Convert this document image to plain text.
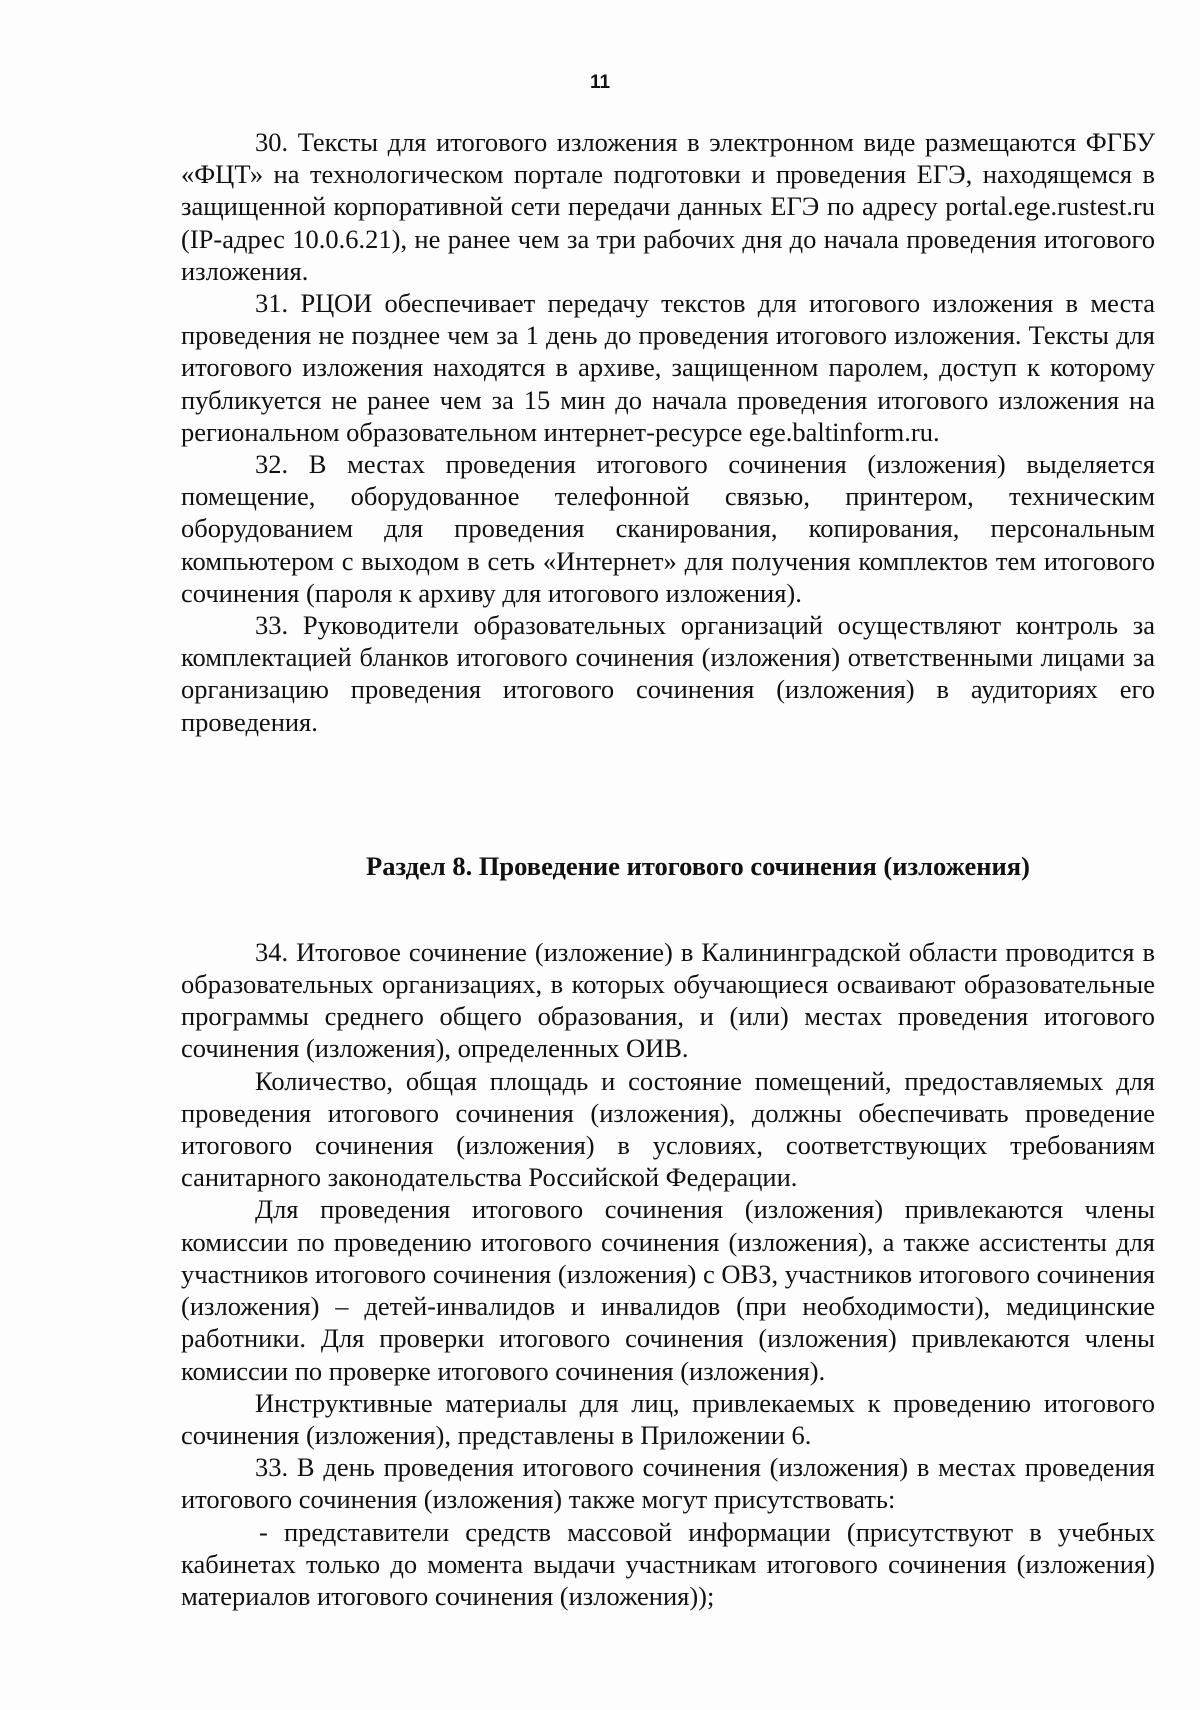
11

30. Тексты для итогового изложения в электронном виде размещаются ФГБУ «ФЦТ» на технологическом портале подготовки и проведения ЕГЭ, находящемся в защищенной корпоративной сети передачи данных ЕГЭ по адресу portal.ege.rustest.ru (IP-адрес 10.0.6.21), не ранее чем за три рабочих дня до начала проведения итогового изложения.

31. РЦОИ обеспечивает передачу текстов для итогового изложения в места проведения не позднее чем за 1 день до проведения итогового изложения. Тексты для итогового изложения находятся в архиве, защищенном паролем, доступ к которому публикуется не ранее чем за 15 мин до начала проведения итогового изложения на региональном образовательном интернет-ресурсе ege.baltinform.ru.

32. В местах проведения итогового сочинения (изложения) выделяется помещение, оборудованное телефонной связью, принтером, техническим оборудованием для проведения сканирования, копирования, персональным компьютером с выходом в сеть «Интернет» для получения комплектов тем итогового сочинения (пароля к архиву для итогового изложения).

33. Руководители образовательных организаций осуществляют контроль за комплектацией бланков итогового сочинения (изложения) ответственными лицами за организацию проведения итогового сочинения (изложения) в аудиториях его проведения.

Раздел 8. Проведение итогового сочинения (изложения)

34. Итоговое сочинение (изложение) в Калининградской области проводится в образовательных организациях, в которых обучающиеся осваивают образовательные программы среднего общего образования, и (или) местах проведения итогового сочинения (изложения), определенных ОИВ.

Количество, общая площадь и состояние помещений, предоставляемых для проведения итогового сочинения (изложения), должны обеспечивать проведение итогового сочинения (изложения) в условиях, соответствующих требованиям санитарного законодательства Российской Федерации.

Для проведения итогового сочинения (изложения) привлекаются члены комиссии по проведению итогового сочинения (изложения), а также ассистенты для участников итогового сочинения (изложения) с ОВЗ, участников итогового сочинения (изложения) – детей-инвалидов и инвалидов (при необходимости), медицинские работники. Для проверки итогового сочинения (изложения) привлекаются члены комиссии по проверке итогового сочинения (изложения).

Инструктивные материалы для лиц, привлекаемых к проведению итогового сочинения (изложения), представлены в Приложении 6.

33. В день проведения итогового сочинения (изложения) в местах проведения итогового сочинения (изложения) также могут присутствовать:

- представители средств массовой информации (присутствуют в учебных кабинетах только до момента выдачи участникам итогового сочинения (изложения) материалов итогового сочинения (изложения));
